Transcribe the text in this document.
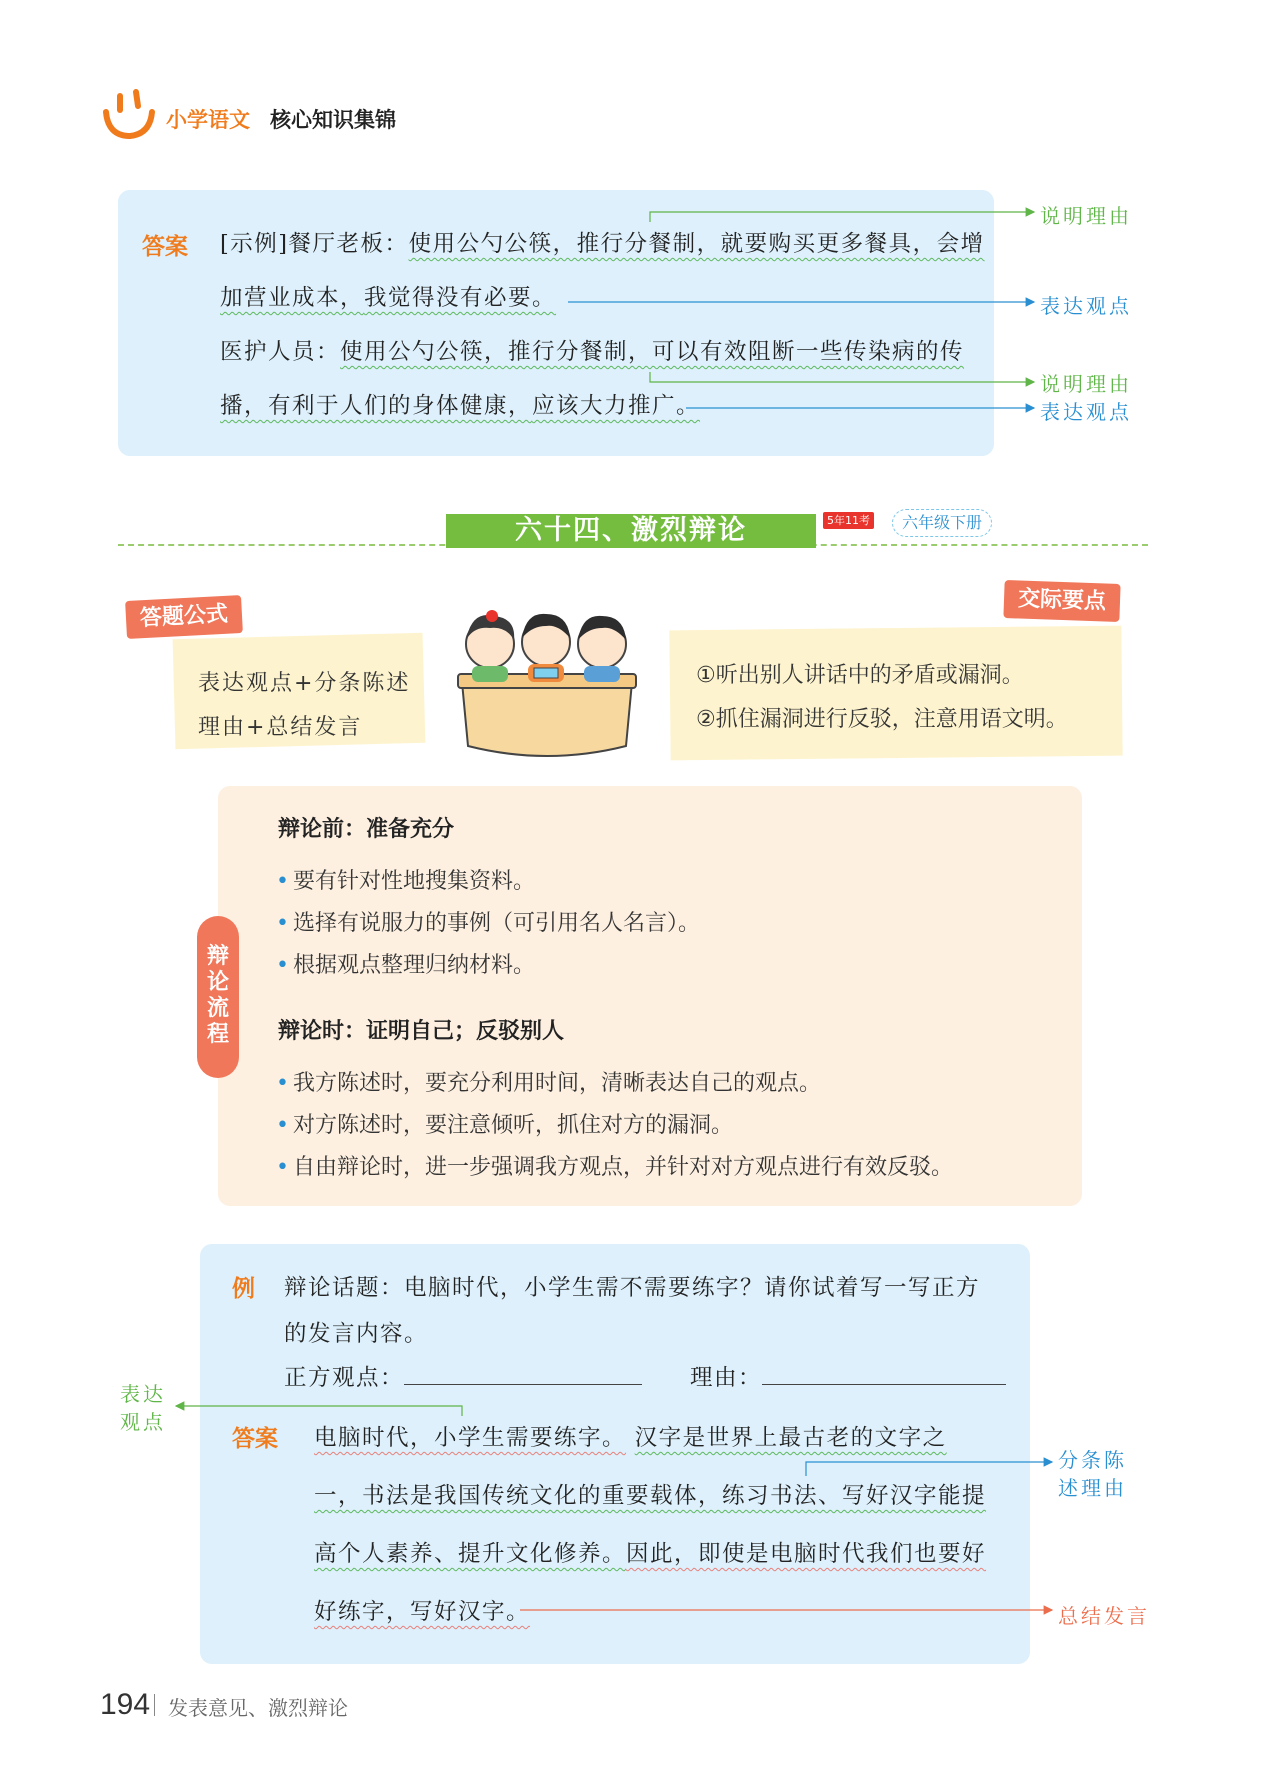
小学语文 核心知识集锦
答案 [示例]餐厅老板：使用公勺公筷，推行分餐制，就要购买更多餐具，会增
加营业成本，我觉得没有必要。
医护人员：使用公勺公筷，推行分餐制，可以有效阻断一些传染病的传
播，有利于人们的身体健康，应该大力推广。
说明理由
表达观点
说明理由
表达观点
六十四、激烈辩论	5年11考	六年级下册
答题公式
表达观点+分条陈述理由+总结发言
交际要点
①听出别人讲话中的矛盾或漏洞。
②抓住漏洞进行反驳，注意用语文明。
辩
论
流
程
辩论前：准备充分
• 要有针对性地搜集资料。
• 选择有说服力的事例（可引用名人名言）。
• 根据观点整理归纳材料。
辩论时：证明自己；反驳别人
• 我方陈述时，要充分利用时间，清晰表达自己的观点。
• 对方陈述时，要注意倾听，抓住对方的漏洞。
• 自由辩论时，进一步强调我方观点，并针对对方观点进行有效反驳。
例 辩论话题：电脑时代，小学生需不需要练字？请你试着写一写正方
的发言内容。
正方观点：	理由：
答案 电脑时代，小学生需要练字。 汉字是世界上最古老的文字之
一，书法是我国传统文化的重要载体，练习书法、写好汉字能提
高个人素养、提升文化修养。因此，即使是电脑时代我们也要好
好练字，写好汉字。
表达
观点
分条陈
述理由
总结发言
194 发表意见、激烈辩论
